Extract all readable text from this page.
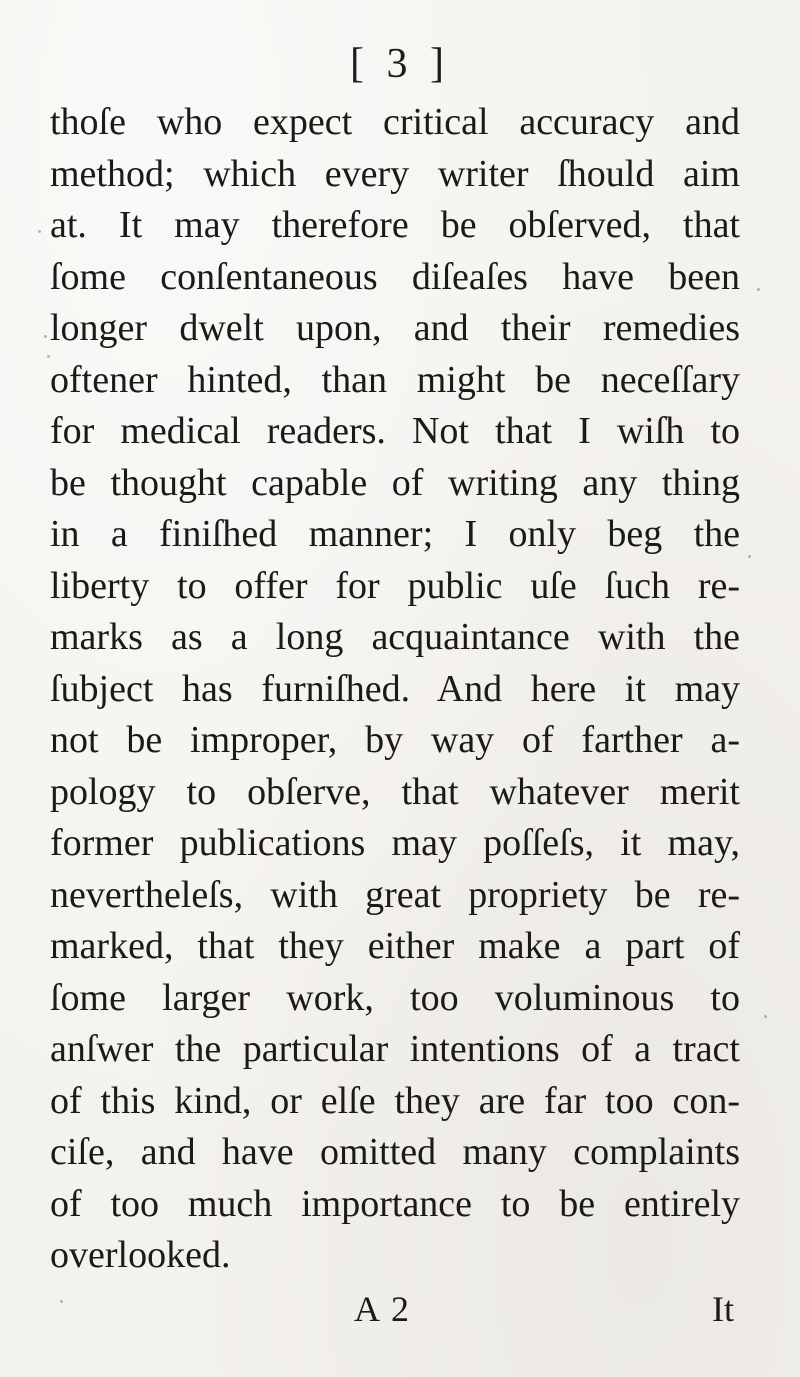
[ 3 ]
thoſe who expect critical accuracy and
method; which every writer ſhould aim
at. It may therefore be obſerved, that
ſome conſentaneous diſeaſes have been
longer dwelt upon, and their remedies
oftener hinted, than might be neceſſary
for medical readers. Not that I wiſh to
be thought capable of writing any thing
in a finiſhed manner; I only beg the
liberty to offer for public uſe ſuch re-
marks as a long acquaintance with the
ſubject has furniſhed. And here it may
not be improper, by way of farther a-
pology to obſerve, that whatever merit
former publications may poſſeſs, it may,
nevertheleſs, with great propriety be re-
marked, that they either make a part of
ſome larger work, too voluminous to
anſwer the particular intentions of a tract
of this kind, or elſe they are far too con-
ciſe, and have omitted many complaints
of too much importance to be entirely
overlooked.
A 2	It
